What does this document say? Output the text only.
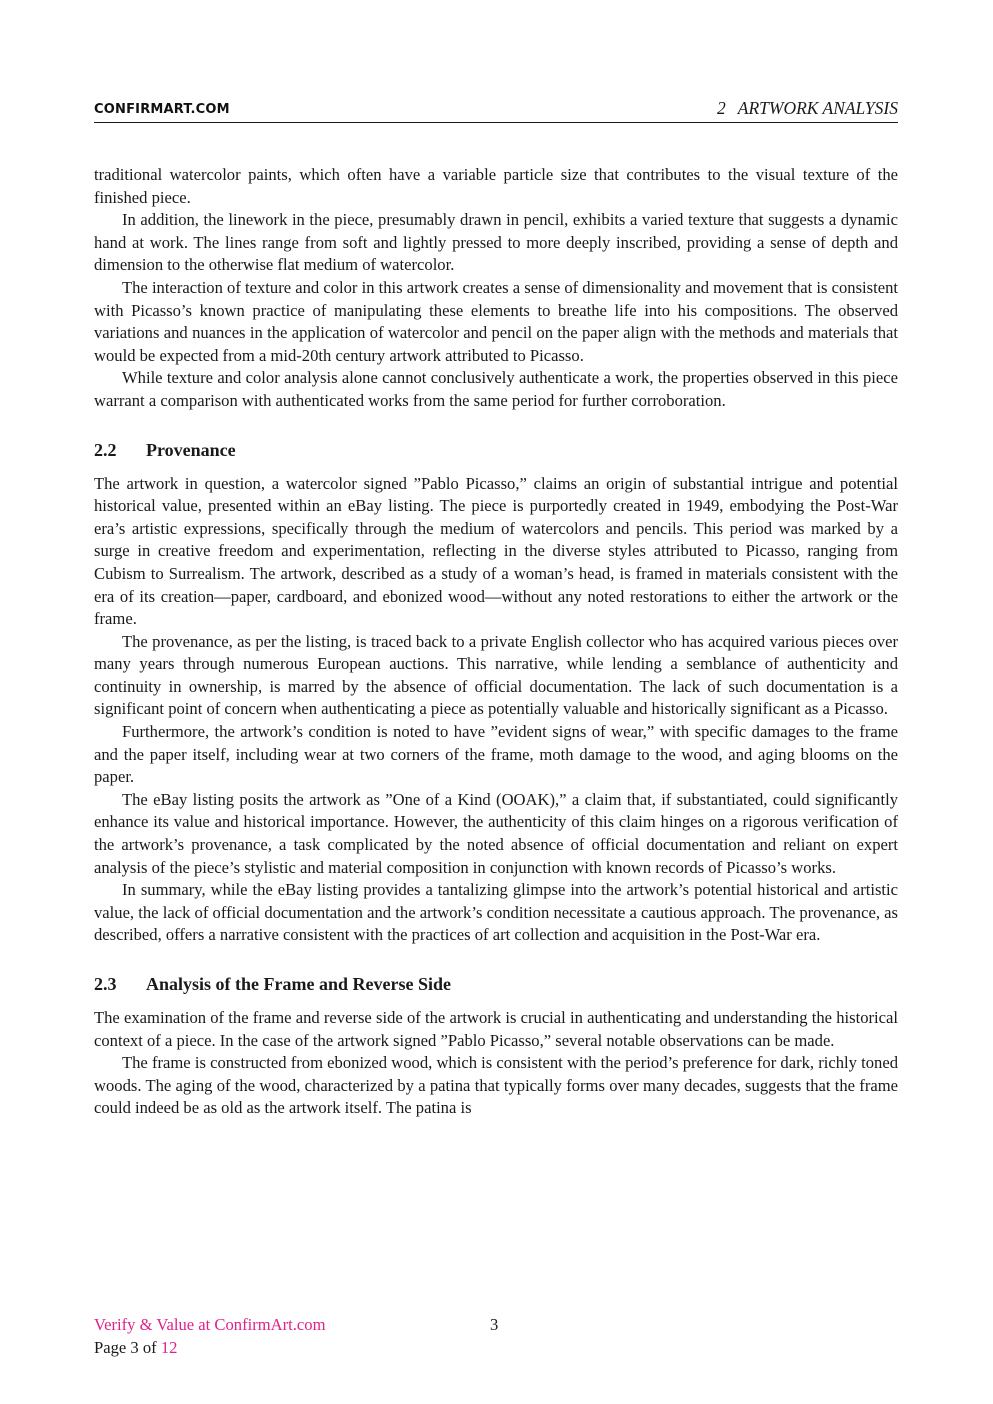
CONFIRMART.COM	2 ARTWORK ANALYSIS

traditional watercolor paints, which often have a variable particle size that contributes to the visual texture of the finished piece.

In addition, the linework in the piece, presumably drawn in pencil, exhibits a varied texture that suggests a dynamic hand at work. The lines range from soft and lightly pressed to more deeply inscribed, providing a sense of depth and dimension to the otherwise flat medium of watercolor.

The interaction of texture and color in this artwork creates a sense of dimensionality and movement that is consistent with Picasso’s known practice of manipulating these elements to breathe life into his compositions. The observed variations and nuances in the application of watercolor and pencil on the paper align with the methods and materials that would be expected from a mid-20th century artwork attributed to Picasso.

While texture and color analysis alone cannot conclusively authenticate a work, the properties observed in this piece warrant a comparison with authenticated works from the same period for further corroboration.

2.2 Provenance

The artwork in question, a watercolor signed ”Pablo Picasso,” claims an origin of substantial intrigue and potential historical value, presented within an eBay listing. The piece is purportedly created in 1949, embodying the Post-War era’s artistic expressions, specifically through the medium of watercolors and pencils. This period was marked by a surge in creative freedom and experimentation, reflecting in the diverse styles attributed to Picasso, ranging from Cubism to Surrealism. The artwork, described as a study of a woman’s head, is framed in materials consistent with the era of its creation—paper, cardboard, and ebonized wood—without any noted restorations to either the artwork or the frame.

The provenance, as per the listing, is traced back to a private English collector who has acquired various pieces over many years through numerous European auctions. This narrative, while lending a semblance of authenticity and continuity in ownership, is marred by the absence of official documentation. The lack of such documentation is a significant point of concern when authenticating a piece as potentially valuable and historically significant as a Picasso.

Furthermore, the artwork’s condition is noted to have ”evident signs of wear,” with specific damages to the frame and the paper itself, including wear at two corners of the frame, moth damage to the wood, and aging blooms on the paper.

The eBay listing posits the artwork as ”One of a Kind (OOAK),” a claim that, if substantiated, could significantly enhance its value and historical importance. However, the authenticity of this claim hinges on a rigorous verification of the artwork’s provenance, a task complicated by the noted absence of official documentation and reliant on expert analysis of the piece’s stylistic and material composition in conjunction with known records of Picasso’s works.

In summary, while the eBay listing provides a tantalizing glimpse into the artwork’s potential historical and artistic value, the lack of official documentation and the artwork’s condition necessitate a cautious approach. The provenance, as described, offers a narrative consistent with the practices of art collection and acquisition in the Post-War era.

2.3 Analysis of the Frame and Reverse Side

The examination of the frame and reverse side of the artwork is crucial in authenticating and understanding the historical context of a piece. In the case of the artwork signed ”Pablo Picasso,” several notable observations can be made.

The frame is constructed from ebonized wood, which is consistent with the period’s preference for dark, richly toned woods. The aging of the wood, characterized by a patina that typically forms over many decades, suggests that the frame could indeed be as old as the artwork itself. The patina is

Verify & Value at ConfirmArt.com	3
Page 3 of 12
